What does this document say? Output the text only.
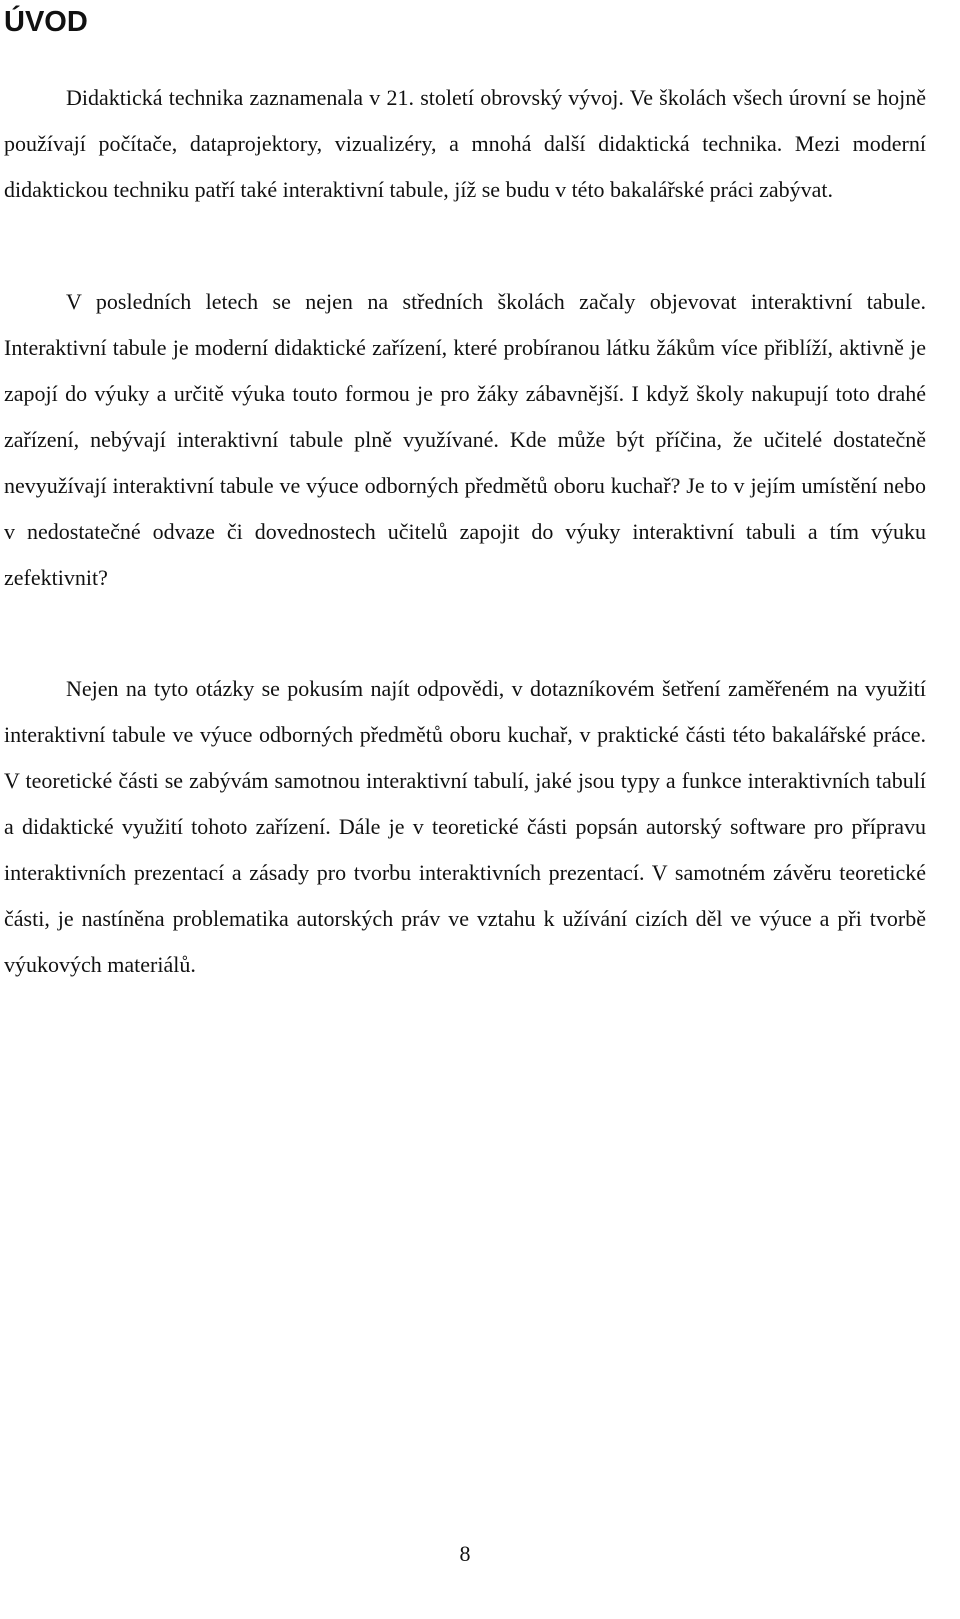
ÚVOD

Didaktická technika zaznamenala v 21. století obrovský vývoj. Ve školách všech úrovní se hojně používají počítače, dataprojektory, vizualizéry, a mnohá další didaktická technika. Mezi moderní didaktickou techniku patří také interaktivní tabule, jíž se budu v této bakalářské práci zabývat.

V posledních letech se nejen na středních školách začaly objevovat interaktivní tabule. Interaktivní tabule je moderní didaktické zařízení, které probíranou látku žákům více přiblíží, aktivně je zapojí do výuky a určitě výuka touto formou je pro žáky zábavnější. I když školy nakupují toto drahé zařízení, nebývají interaktivní tabule plně využívané. Kde může být příčina, že učitelé dostatečně nevyužívají interaktivní tabule ve výuce odborných předmětů oboru kuchař? Je to v jejím umístění nebo v nedostatečné odvaze či dovednostech učitelů zapojit do výuky interaktivní tabuli a tím výuku zefektivnit?

Nejen na tyto otázky se pokusím najít odpovědi, v dotazníkovém šetření zaměřeném na využití interaktivní tabule ve výuce odborných předmětů oboru kuchař, v praktické části této bakalářské práce. V teoretické části se zabývám samotnou interaktivní tabulí, jaké jsou typy a funkce interaktivních tabulí a didaktické využití tohoto zařízení. Dále je v teoretické části popsán autorský software pro přípravu interaktivních prezentací a zásady pro tvorbu interaktivních prezentací. V samotném závěru teoretické části, je nastíněna problematika autorských práv ve vztahu k užívání cizích děl ve výuce a při tvorbě výukových materiálů.

8
